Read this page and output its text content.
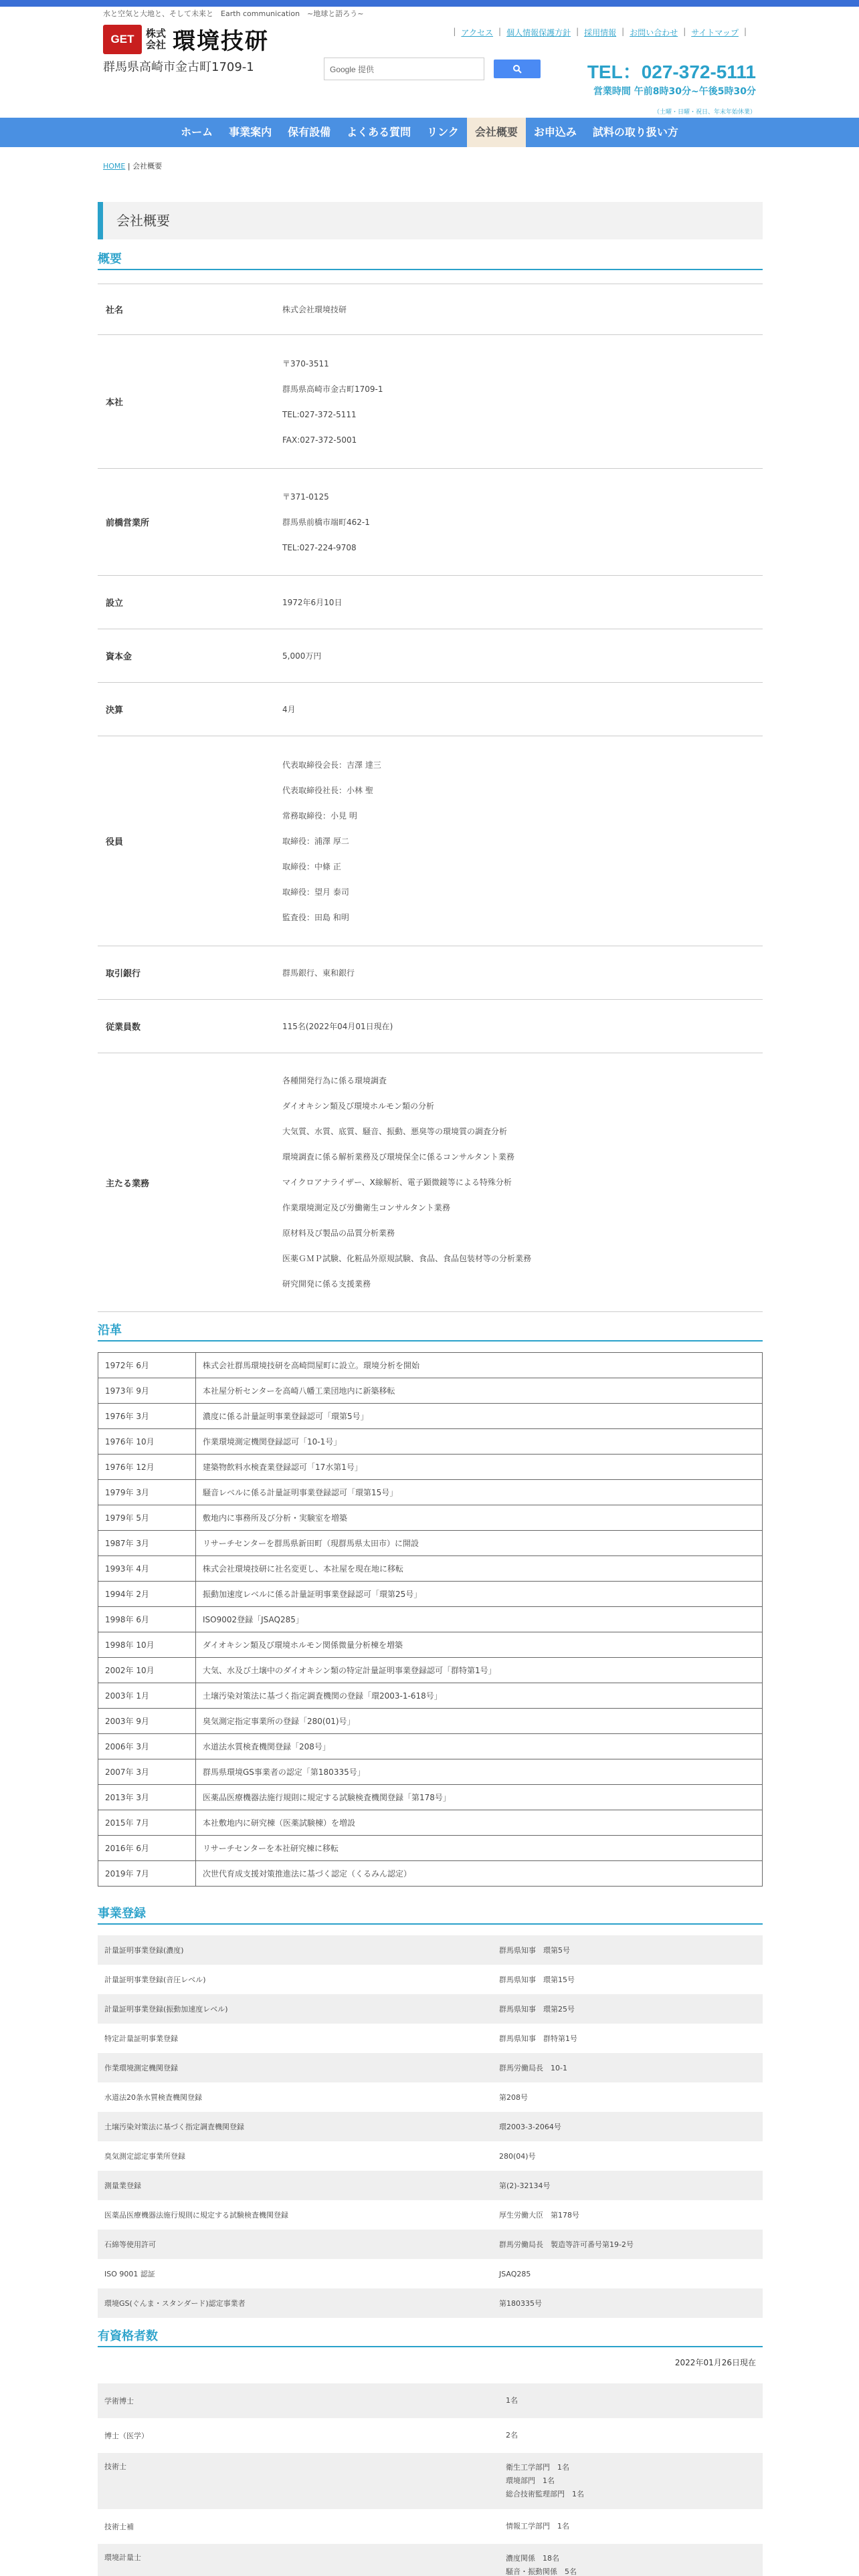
水と空気と大地と、そして未来と　Earth communication　~地球と語ろう~
GET	株式会社 環境技研
群馬県高崎市金古町1709-1
| アクセス | 個人情報保護方針 | 採用情報 | お問い合わせ | サイトマップ |
Google 提供	TEL：027-372-5111
営業時間 午前8時30分~午後5時30分
（土曜・日曜・祝日、年末年始休業）
ホーム	事業案内	保有設備	よくある質問	リンク	会社概要	お申込み	試料の取り扱い方
HOME | 会社概要
会社概要
概要
社名	株式会社環境技研
本社
〒370-3511
群馬県高崎市金古町1709-1
TEL:027-372-5111
FAX:027-372-5001
前橋営業所
〒371-0125
群馬県前橋市端町462-1
TEL:027-224-9708
設立	1972年6月10日
資本金	5,000万円
決算	4月
役員
代表取締役会長：吉澤 達三
代表取締役社長：小林 聖
常務取締役：小見 明
取締役：浦澤 厚二
取締役：中條 正
取締役：望月 泰司
監査役：田島 和明
取引銀行	群馬銀行、東和銀行
従業員数	115名(2022年04月01日現在)
主たる業務
各種開発行為に係る環境調査
ダイオキシン類及び環境ホルモン類の分析
大気質、水質、底質、騒音、振動、悪臭等の環境質の調査分析
環境調査に係る解析業務及び環境保全に係るコンサルタント業務
マイクロアナライザー、X線解析、電子顕微鏡等による特殊分析
作業環境測定及び労働衛生コンサルタント業務
原材料及び製品の品質分析業務
医薬ＧＭＰ試験、化粧品外原規試験、食品、食品包装材等の分析業務
研究開発に係る支援業務
沿革
1972年 6月	株式会社群馬環境技研を高崎問屋町に設立。環境分析を開始
1973年 9月	本社屋分析センターを高崎八幡工業団地内に新築移転
1976年 3月	濃度に係る計量証明事業登録認可「環第5号」
1976年 10月	作業環境測定機関登録認可「10-1号」
1976年 12月	建築物飲料水検査業登録認可「17水第1号」
1979年 3月	騒音レベルに係る計量証明事業登録認可「環第15号」
1979年 5月	敷地内に事務所及び分析・実験室を増築
1987年 3月	リサーチセンターを群馬県新田町（現群馬県太田市）に開設
1993年 4月	株式会社環境技研に社名変更し、本社屋を現在地に移転
1994年 2月	振動加速度レベルに係る計量証明事業登録認可「環第25号」
1998年 6月	ISO9002登録「JSAQ285」
1998年 10月	ダイオキシン類及び環境ホルモン関係微量分析棟を増築
2002年 10月	大気、水及び土壌中のダイオキシン類の特定計量証明事業登録認可「群特第1号」
2003年 1月	土壌汚染対策法に基づく指定調査機関の登録「環2003-1-618号」
2003年 9月	臭気測定指定事業所の登録「280(01)号」
2006年 3月	水道法水質検査機関登録「208号」
2007年 3月	群馬県環境GS事業者の認定「第180335号」
2013年 3月	医薬品医療機器法施行規則に規定する試験検査機関登録「第178号」
2015年 7月	本社敷地内に研究棟（医薬試験棟）を増設
2016年 6月	リサーチセンターを本社研究棟に移転
2019年 7月	次世代育成支援対策推進法に基づく認定（くるみん認定）
事業登録
計量証明事業登録(濃度)	群馬県知事　環第5号
計量証明事業登録(音圧レベル)	群馬県知事　環第15号
計量証明事業登録(振動加速度レベル)	群馬県知事　環第25号
特定計量証明事業登録	群馬県知事　群特第1号
作業環境測定機関登録	群馬労働局長　10-1
水道法20条水質検査機関登録	第208号
土壌汚染対策法に基づく指定調査機関登録	環2003-3-2064号
臭気測定認定事業所登録	280(04)号
測量業登録	第(2)-32134号
医薬品医療機器法施行規則に規定する試験検査機関登録	厚生労働大臣　第178号
石綿等使用許可	群馬労働局長　製造等許可番号第19-2号
ISO 9001 認証	JSAQ285
環境GS(ぐんま・スタンダード)認定事業者	第180335号
有資格者数
2022年01月26日現在
学術博士	1名

博士（医学）	2名

技術士	衛生工学部門　1名
環境部門　1名
総合技術監理部門　1名

技術士補	情報工学部門　1名

環境計量士	濃度関係　18名
騒音・振動関係　5名
